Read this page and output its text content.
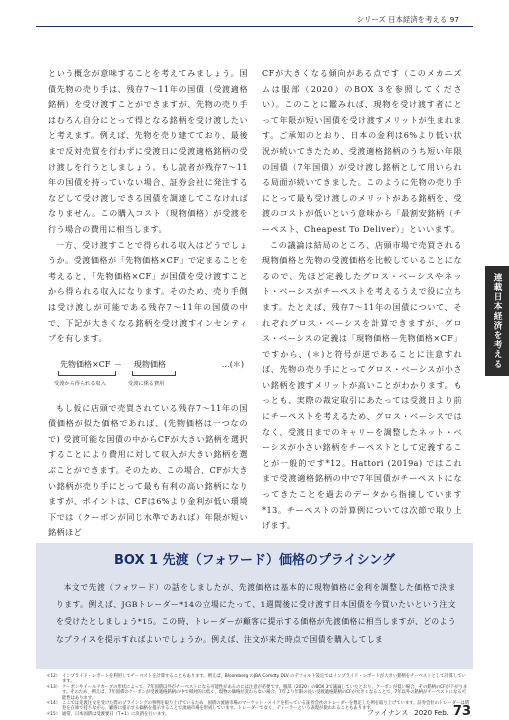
シリーズ 日本経済を考える 97

という概念が意味することを考えてみましょう。国債先物の売り手は、残存7～11年の国債（受渡適格銘柄）を受け渡すことができますが、先物の売り手はむろん自分にとって得となる銘柄を受け渡したいと考えます。例えば、先物を売り建てており、最後まで反対売買を行わずに受渡日に受渡適格銘柄の受け渡しを行うとしましょう。もし読者が残存7～11年の国債を持っていない場合、証券会社に発注するなどして受け渡しできる国債を調達してこなければなりません。この購入コスト（現物価格）が受渡を行う場合の費用に相当します。

一方、受け渡すことで得られる収入はどうでしょうか。受渡価格が「先物価格×CF」で定まることを考えると、「先物価格×CF」が国債を受け渡すことから得られる収入になります。そのため、売り手側は受け渡しが可能である残存7～11年の国債の中で、下記が大きくなる銘柄を受け渡すインセンティブを有します。

先物価格×CF － 現物価格	…(＊)
受渡から得られる収入	受渡に係る費用

もし仮に店頭で売買されている残存7～11年の国債価格が似た価格であれば、(先物価格は一つなので) 受渡可能な国債の中からCFが大きい銘柄を選択することにより費用に対して収入が大きい銘柄を選ぶことができます。そのため、この場合、CFが大きい銘柄が売り手にとって最も有利の高い銘柄になりますが、ポイントは、CFは6%より金利が低い環境下では（クーポンが同じ水準であれば）年限が短い銘柄ほど

CFが大きくなる傾向がある点です（このメカニズムは服部（2020）のBOX 3を参照してください）。このことに鑑みれば、現物を受け渡す者にとって年限が短い国債を受け渡すメリットが生まれます。ご承知のとおり、日本の金利は6%より低い状況が続いてきたため、受渡適格銘柄のうち短い年限の国債（7年国債）が受け渡し銘柄として用いられる局面が続いてきました。このように先物の売り手にとって最も受け渡しのメリットがある銘柄を、受渡のコストが低いという意味から「最割安銘柄（チーペスト、Cheapest To Deliver）」といいます。

この議論は結局のところ、店頭市場で売買される現物価格と先物の受渡価格を比較していることになるので、先ほど定義したグロス・ベーシスやネット・ベーシスがチーペストを考えるうえで役に立ちます。たとえば、残存7～11年の国債について、それぞれグロス・ベーシスを計算できますが、グロス・ベーシスの定義は「現物価格－先物価格×CF」ですから、(＊)と符号が逆であることに注意すれば、先物の売り手にとってグロス・ベーシスが小さい銘柄を渡すメリットが高いことがわかります。もっとも、実際の裁定取引にあたっては受渡日より前にチーペストを考えるため、グロス・ベーシスではなく、受渡日までのキャリーを調整したネット・ベーシスが小さい銘柄をチーペストとして定義することが一般的です*12。Hattori (2019a) ではこれまで受渡適格銘柄の中で7年国債がチーペストになってきたことを過去のデータから指摘しています*13。チーペストの計算例については次節で取り上げます。

連載
日本経済を考える
BOX 1 先渡（フォワード）価格のプライシング

本文で先渡（フォワード）の話をしましたが、先渡価格は基本的に現物価格に金利を調整した価格で決まります。例えば、JGBトレーダー*14の立場にたって、1週間後に受け渡す日本国債を今買いたいという注文を受けたとしましょう*15。この時、トレーダーが顧客に提示する価格が先渡価格に相当しますが、どのようなプライスを提示すればよいでしょうか。例えば、注文が来た時点で国債を購入してしま

＊12） インプライド・レポートを利用してチーペストを計算することもあります。例えば、Bloomberg のJBA Comdty DLV のデフォルト設定ではインプライド・レポートが大きい銘柄をチーペストとして計算しています。
＊13） クーポンやイールドカーブの形状によって、7年国債以外がチーペストになる可能性があるのには注意が必要です。服部（2020）のBOX 3で議論していたとおり、クーポンが低い場合、その銘柄のCFが下がります。そのため、例えば、7年国債のクーポンが受渡適格銘柄の中で相対的に低く、現物の価格が変わらない場合、7年より年限の長い受渡適格銘柄のCFが大きくなることで、7年以外の銘柄がチーペストになる可能性はあります。
＊14） ここでは先渡注文を受けた際のプライシングの事例を取り上げているため、国債の流通市場のマーケット・メイクを担っている証券会社のトレーダーを想定した例を取り上げています。証券会社のトレーダーは債券を在庫で持ちながら、顧客に提示する価格を提示することで流通市場を形成しています。トレーダーでなく、ディーラーという表現が使われることもあります。
＊15） 通常、日本国債は受渡要日（T+1）に決済を行います。	ファイナンス 2020 Feb. 73
